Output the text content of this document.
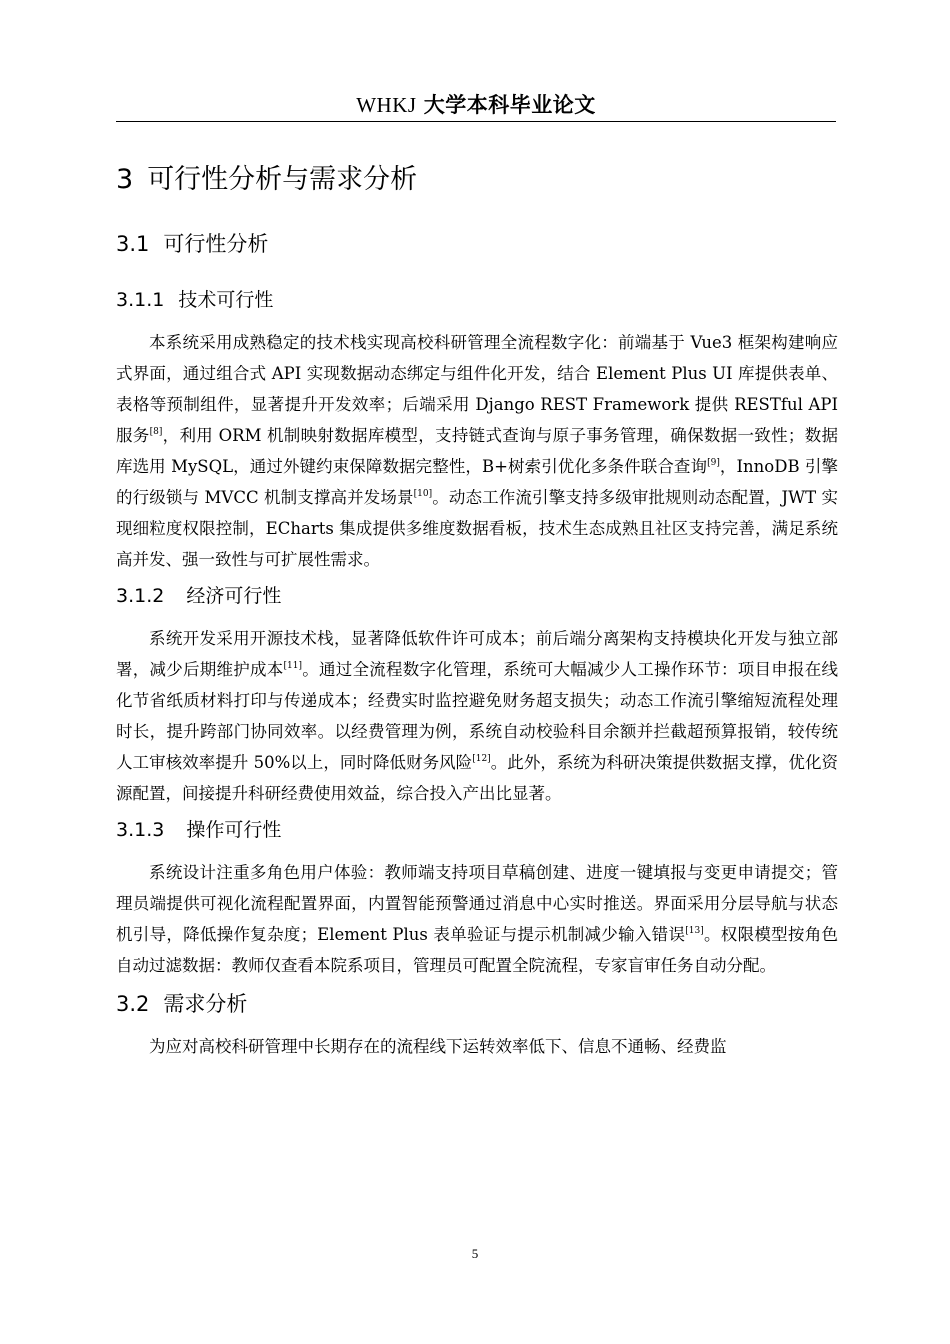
WHKJ 大学本科毕业论文
3 可行性分析与需求分析
3.1 可行性分析
3.1.1 技术可行性

本系统采用成熟稳定的技术栈实现高校科研管理全流程数字化：前端基于 Vue3 框架构建响应式界面，通过组合式 API 实现数据动态绑定与组件化开发，结合 Element Plus UI 库提供表单、表格等预制组件，显著提升开发效率；后端采用 Django REST Framework 提供 RESTful API 服务[8]，利用 ORM 机制映射数据库模型，支持链式查询与原子事务管理，确保数据一致性；数据库选用 MySQL，通过外键约束保障数据完整性，B+树索引优化多条件联合查询[9]，InnoDB 引擎的行级锁与 MVCC 机制支撑高并发场景[10]。动态工作流引擎支持多级审批规则动态配置，JWT 实现细粒度权限控制，ECharts 集成提供多维度数据看板，技术生态成熟且社区支持完善，满足系统高并发、强一致性与可扩展性需求。

3.1.2 经济可行性

系统开发采用开源技术栈，显著降低软件许可成本；前后端分离架构支持模块化开发与独立部署，减少后期维护成本[11]。通过全流程数字化管理，系统可大幅减少人工操作环节：项目申报在线化节省纸质材料打印与传递成本；经费实时监控避免财务超支损失；动态工作流引擎缩短流程处理时长，提升跨部门协同效率。以经费管理为例，系统自动校验科目余额并拦截超预算报销，较传统人工审核效率提升 50%以上，同时降低财务风险[12]。此外，系统为科研决策提供数据支撑，优化资源配置，间接提升科研经费使用效益，综合投入产出比显著。

3.1.3 操作可行性

系统设计注重多角色用户体验：教师端支持项目草稿创建、进度一键填报与变更申请提交；管理员端提供可视化流程配置界面，内置智能预警通过消息中心实时推送。界面采用分层导航与状态机引导，降低操作复杂度；Element Plus 表单验证与提示机制减少输入错误[13]。权限模型按角色自动过滤数据：教师仅查看本院系项目，管理员可配置全院流程，专家盲审任务自动分配。

3.2 需求分析

为应对高校科研管理中长期存在的流程线下运转效率低下、信息不通畅、经费监

5
